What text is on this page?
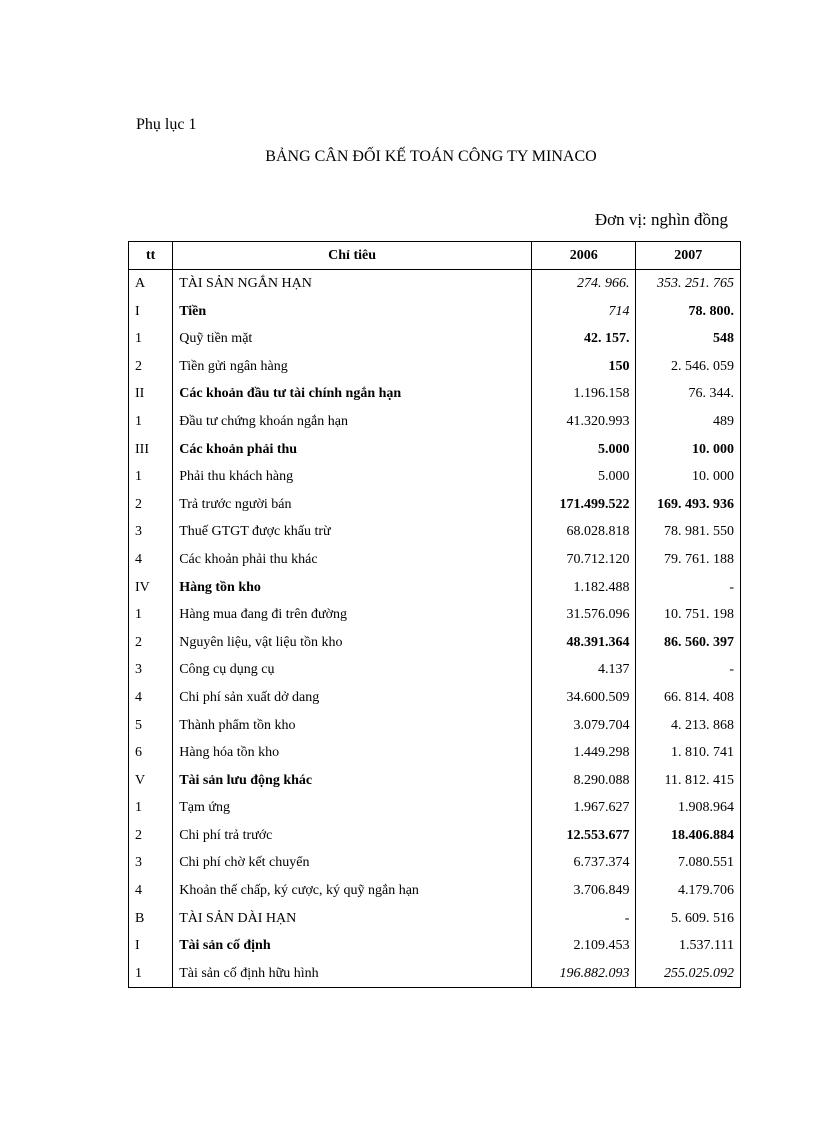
Phụ lục 1
BẢNG CÂN ĐỐI KẾ TOÁN CÔNG TY MINACO
Đơn vị: nghìn đồng
tt	Chỉ tiêu	2006	2007
A	TÀI SẢN NGẮN HẠN	274. 966.	353. 251. 765
I	Tiền	714	78. 800.
1	Quỹ tiền mặt	42. 157.	548
2	Tiền gửi ngân hàng	150	2. 546. 059
II	Các khoản đầu tư tài chính ngắn hạn	1.196.158	76. 344.
1	Đầu tư chứng khoán ngắn hạn	41.320.993	489
III	Các khoản phải thu	5.000	10. 000
1	Phải thu khách hàng	5.000	10. 000
2	Trả trước người bán	171.499.522	169. 493. 936
3	Thuế GTGT được khấu trừ	68.028.818	78. 981. 550
4	Các khoản phải thu khác	70.712.120	79. 761. 188
IV	Hàng tồn kho	1.182.488	-
1	Hàng mua đang đi trên đường	31.576.096	10. 751. 198
2	Nguyên liệu, vật liệu tồn kho	48.391.364	86. 560. 397
3	Công cụ dụng cụ	4.137	-
4	Chi phí sản xuất dở dang	34.600.509	66. 814. 408
5	Thành phẩm tồn kho	3.079.704	4. 213. 868
6	Hàng hóa tồn kho	1.449.298	1. 810. 741
V	Tài sản lưu động khác	8.290.088	11. 812. 415
1	Tạm ứng	1.967.627	1.908.964
2	Chi phí trả trước	12.553.677	18.406.884
3	Chi phí chờ kết chuyển	6.737.374	7.080.551
4	Khoản thế chấp, ký cược, ký quỹ ngắn hạn	3.706.849	4.179.706
B	TÀI SẢN DÀI HẠN	-	5. 609. 516
I	Tài sản cố định	2.109.453	1.537.111
1	Tài sản cố định hữu hình	196.882.093	255.025.092
